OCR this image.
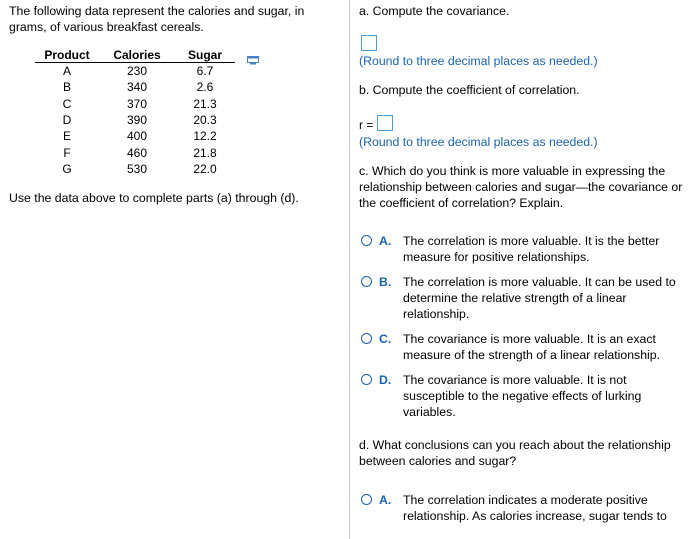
The following data represent the calories and sugar, in grams, of various breakfast cereals.
Product	Calories	Sugar
A	230	6.7
B	340	2.6
C	370	21.3
D	390	20.3
E	400	12.2
F	460	21.8
G	530	22.0
Use the data above to complete parts (a) through (d).
a. Compute the covariance.
(Round to three decimal places as needed.)
b. Compute the coefficient of correlation.
r =
(Round to three decimal places as needed.)
c. Which do you think is more valuable in expressing the relationship between calories and sugar—the covariance or the coefficient of correlation? Explain.
A. The correlation is more valuable. It is the better measure for positive relationships.
B. The correlation is more valuable. It can be used to determine the relative strength of a linear relationship.
C. The covariance is more valuable. It is an exact measure of the strength of a linear relationship.
D. The covariance is more valuable. It is not susceptible to the negative effects of lurking variables.
d. What conclusions can you reach about the relationship between calories and sugar?
A. The correlation indicates a moderate positive relationship. As calories increase, sugar tends to
